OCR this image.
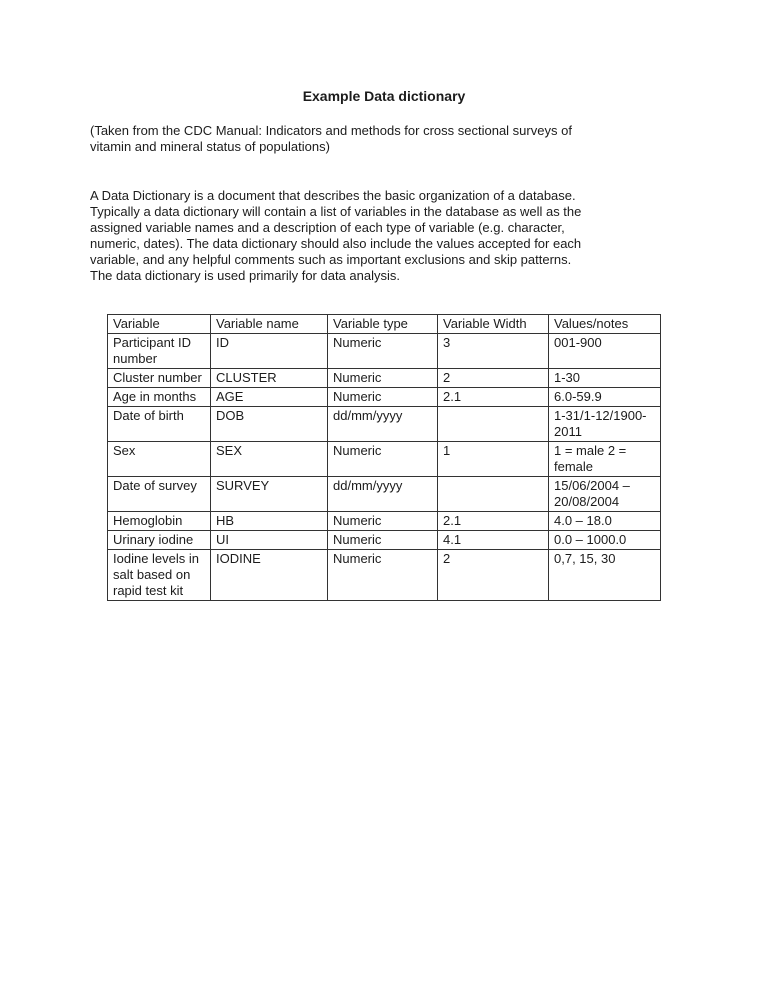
Example Data dictionary
(Taken from the CDC Manual: Indicators and methods for cross sectional surveys of
vitamin and mineral status of populations)
A Data Dictionary is a document that describes the basic organization of a database.
Typically a data dictionary will contain a list of variables in the database as well as the
assigned variable names and a description of each type of variable (e.g. character,
numeric, dates). The data dictionary should also include the values accepted for each
variable, and any helpful comments such as important exclusions and skip patterns.
The data dictionary is used primarily for data analysis.
Variable	Variable name	Variable type	Variable Width	Values/notes
Participant ID number	ID	Numeric	3	001-900
Cluster number	CLUSTER	Numeric	2	1-30
Age in months	AGE	Numeric	2.1	6.0-59.9
Date of birth	DOB	dd/mm/yyyy		1-31/1-12/1900-2011
Sex	SEX	Numeric	1	1 = male 2 = female
Date of survey	SURVEY	dd/mm/yyyy		15/06/2004 – 20/08/2004
Hemoglobin	HB	Numeric	2.1	4.0 – 18.0
Urinary iodine	UI	Numeric	4.1	0.0 – 1000.0
Iodine levels in salt based on rapid test kit	IODINE	Numeric	2	0,7, 15, 30
